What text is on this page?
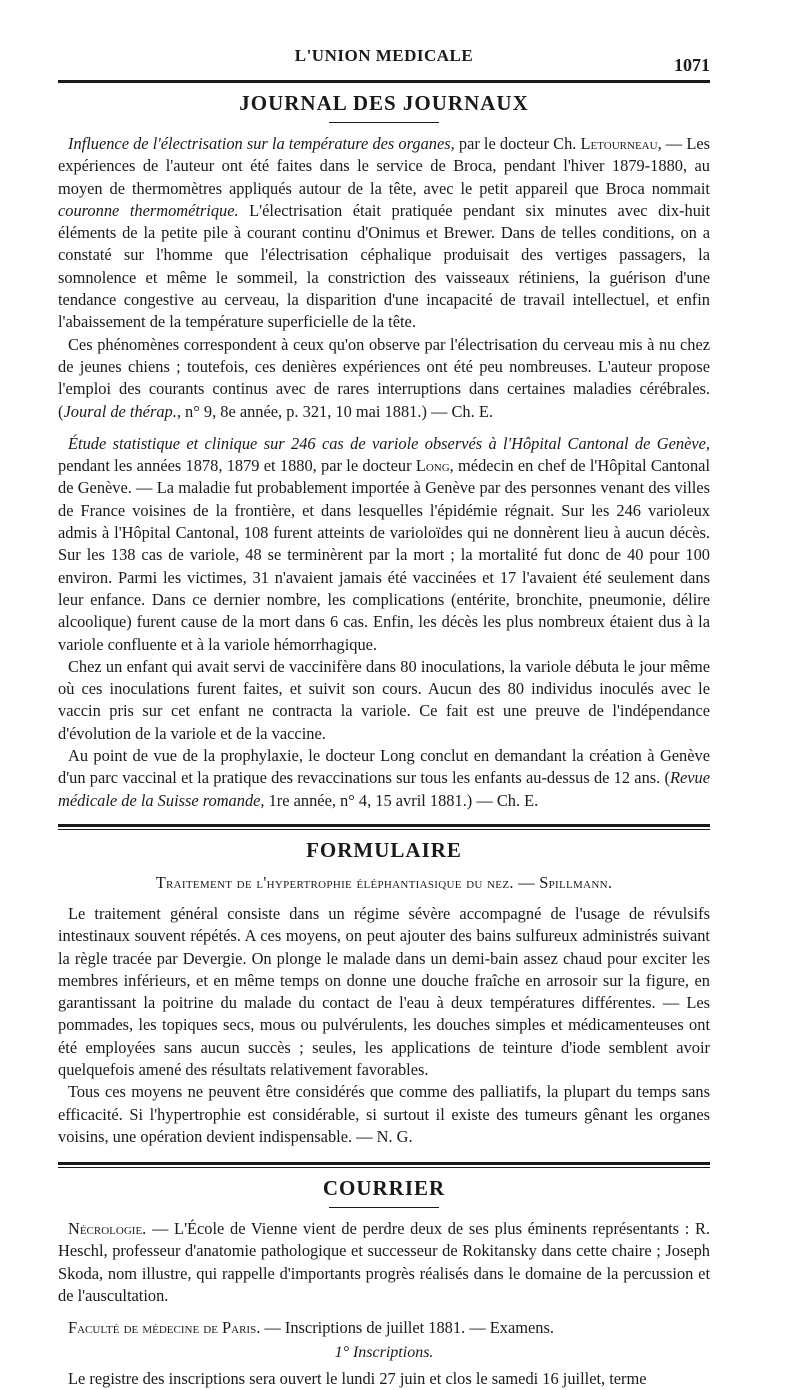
L'UNION MEDICALE	1071
JOURNAL DES JOURNAUX

Influence de l'électrisation sur la température des organes, par le docteur Ch. Letourneau, — Les expériences de l'auteur ont été faites dans le service de Broca, pendant l'hiver 1879-1880, au moyen de thermomètres appliqués autour de la tête, avec le petit appareil que Broca nommait couronne thermométrique. L'électrisation était pratiquée pendant six minutes avec dix-huit éléments de la petite pile à courant continu d'Onimus et Brewer. Dans de telles conditions, on a constaté sur l'homme que l'électrisation céphalique produisait des vertiges passagers, la somnolence et même le sommeil, la constriction des vaisseaux rétiniens, la guérison d'une tendance congestive au cerveau, la disparition d'une incapacité de travail intellectuel, et enfin l'abaissement de la température superficielle de la tête.

Ces phénomènes correspondent à ceux qu'on observe par l'électrisation du cerveau mis à nu chez de jeunes chiens ; toutefois, ces denières expériences ont été peu nombreuses. L'auteur propose l'emploi des courants continus avec de rares interruptions dans certaines maladies cérébrales. (Joural de thérap., n° 9, 8e année, p. 321, 10 mai 1881.) — Ch. E.

Étude statistique et clinique sur 246 cas de variole observés à l'Hôpital Cantonal de Genève, pendant les années 1878, 1879 et 1880, par le docteur Long, médecin en chef de l'Hôpital Cantonal de Genève. — La maladie fut probablement importée à Genève par des personnes venant des villes de France voisines de la frontière, et dans lesquelles l'épidémie régnait. Sur les 246 varioleux admis à l'Hôpital Cantonal, 108 furent atteints de varioloïdes qui ne donnèrent lieu à aucun décès. Sur les 138 cas de variole, 48 se terminèrent par la mort ; la mortalité fut donc de 40 pour 100 environ. Parmi les victimes, 31 n'avaient jamais été vaccinées et 17 l'avaient été seulement dans leur enfance. Dans ce dernier nombre, les complications (entérite, bronchite, pneumonie, délire alcoolique) furent cause de la mort dans 6 cas. Enfin, les décès les plus nombreux étaient dus à la variole confluente et à la variole hémorrhagique.

Chez un enfant qui avait servi de vaccinifère dans 80 inoculations, la variole débuta le jour même où ces inoculations furent faites, et suivit son cours. Aucun des 80 individus inoculés avec le vaccin pris sur cet enfant ne contracta la variole. Ce fait est une preuve de l'indépendance d'évolution de la variole et de la vaccine.

Au point de vue de la prophylaxie, le docteur Long conclut en demandant la création à Genève d'un parc vaccinal et la pratique des revaccinations sur tous les enfants au-dessus de 12 ans. (Revue médicale de la Suisse romande, 1re année, n° 4, 15 avril 1881.) — Ch. E.

FORMULAIRE
Traitement de l'hypertrophie éléphantiasique du nez. — Spillmann.

Le traitement général consiste dans un régime sévère accompagné de l'usage de révulsifs intestinaux souvent répétés. A ces moyens, on peut ajouter des bains sulfureux administrés suivant la règle tracée par Devergie. On plonge le malade dans un demi-bain assez chaud pour exciter les membres inférieurs, et en même temps on donne une douche fraîche en arrosoir sur la figure, en garantissant la poitrine du malade du contact de l'eau à deux températures différentes. — Les pommades, les topiques secs, mous ou pulvérulents, les douches simples et médicamenteuses ont été employées sans aucun succès ; seules, les applications de teinture d'iode semblent avoir quelquefois amené des résultats relativement favorables.

Tous ces moyens ne peuvent être considérés que comme des palliatifs, la plupart du temps sans efficacité. Si l'hypertrophie est considérable, si surtout il existe des tumeurs gênant les organes voisins, une opération devient indispensable. — N. G.

COURRIER

Nécrologie. — L'École de Vienne vient de perdre deux de ses plus éminents représentants : R. Heschl, professeur d'anatomie pathologique et successeur de Rokitansky dans cette chaire ; Joseph Skoda, nom illustre, qui rappelle d'importants progrès réalisés dans le domaine de la percussion et de l'auscultation.

Faculté de médecine de Paris. — Inscriptions de juillet 1881. — Examens.

1° Inscriptions.

Le registre des inscriptions sera ouvert le lundi 27 juin et clos le samedi 16 juillet, terme
